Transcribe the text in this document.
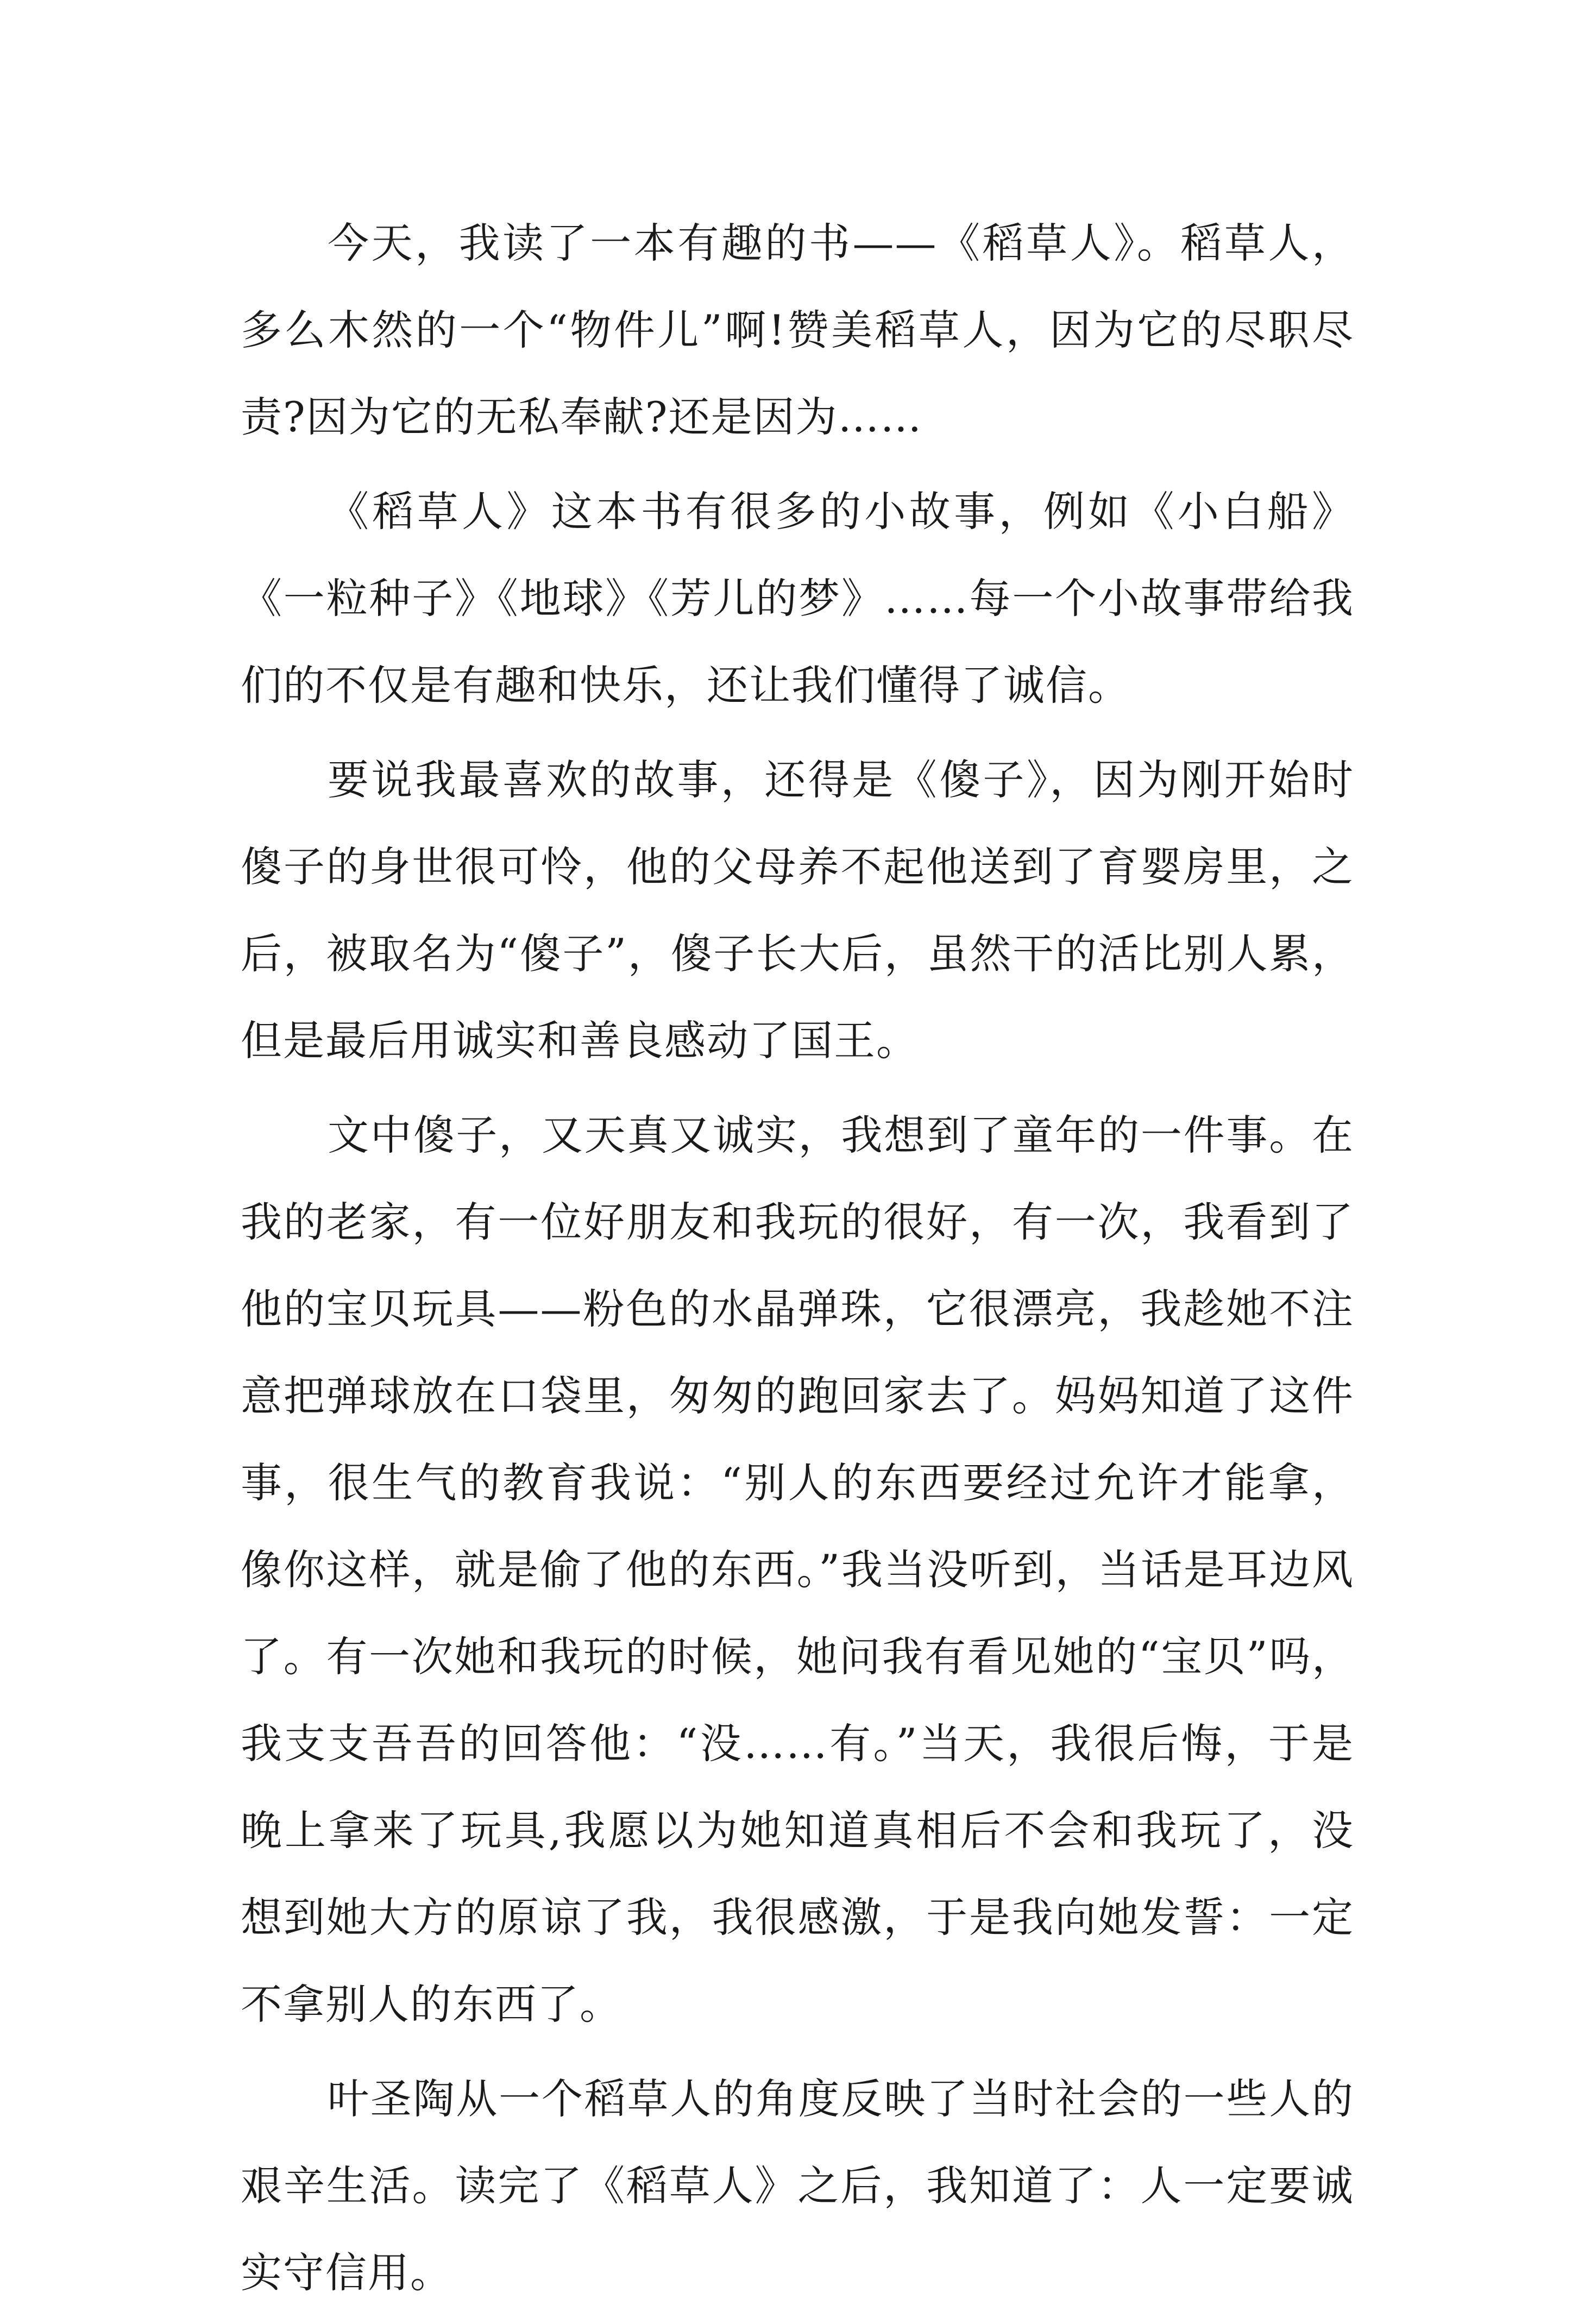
今天，我读了一本有趣的书——《稻草人》。稻草人，多么木然的一个“物件儿”啊!赞美稻草人，因为它的尽职尽责?因为它的无私奉献?还是因为……

《稻草人》这本书有很多的小故事，例如《小白船》《一粒种子》《地球》《芳儿的梦》……每一个小故事带给我们的不仅是有趣和快乐，还让我们懂得了诚信。

要说我最喜欢的故事，还得是《傻子》，因为刚开始时傻子的身世很可怜，他的父母养不起他送到了育婴房里，之后，被取名为“傻子”，傻子长大后，虽然干的活比别人累，但是最后用诚实和善良感动了国王。

文中傻子，又天真又诚实，我想到了童年的一件事。在我的老家，有一位好朋友和我玩的很好，有一次，我看到了他的宝贝玩具——粉色的水晶弹珠，它很漂亮，我趁她不注意把弹球放在口袋里，匆匆的跑回家去了。妈妈知道了这件事，很生气的教育我说：“别人的东西要经过允许才能拿，像你这样，就是偷了他的东西。”我当没听到，当话是耳边风了。有一次她和我玩的时候，她问我有看见她的“宝贝”吗，我支支吾吾的回答他：“没……有。”当天，我很后悔，于是晚上拿来了玩具,我愿以为她知道真相后不会和我玩了，没想到她大方的原谅了我，我很感激，于是我向她发誓：一定不拿别人的东西了。

叶圣陶从一个稻草人的角度反映了当时社会的一些人的艰辛生活。读完了《稻草人》之后，我知道了：人一定要诚实守信用。
